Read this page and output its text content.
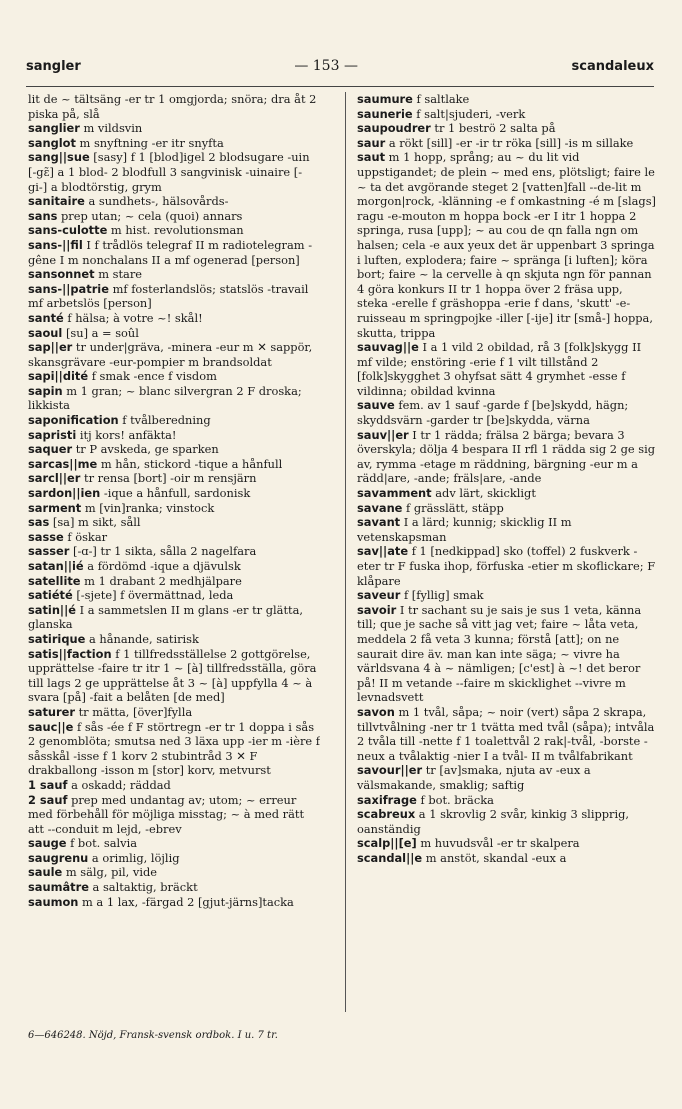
sangler	— 153 —	scandaleux
lit de ~ tältsäng -er tr 1 omgjorda; snöra; dra åt 2 piska på, slå
sanglier m vildsvin
sanglot m snyftning -er itr snyfta
sang||sue [sasy] f 1 [blod]igel 2 blodsugare -uin [-gɛ̃] a 1 blod- 2 blodfull 3 sangvinisk -uinaire [-gi-] a blodtörstig, grym
sanitaire a sundhets-, hälsovårds-
sans prep utan; ~ cela (quoi) annars
sans-culotte m hist. revolutionsman
sans-||fil I f trådlös telegraf II m radiotelegram -gêne I m nonchalans II a mf ogenerad [person]
sansonnet m stare
sans-||patrie mf fosterlandslös; statslös -travail mf arbetslös [person]
santé f hälsa; à votre ~! skål!
saoul [su] a = soûl
sap||er tr under|gräva, -minera -eur m ✕ sappör, skansgrävare -eur-pompier m brandsoldat
sapi||dité f smak -ence f visdom
sapin m 1 gran; ~ blanc silvergran 2 F droska; likkista
saponification f tvålberedning
sapristi itj kors! anfäkta!
saquer tr P avskeda, ge sparken
sarcas||me m hån, stickord -tique a hånfull
sarcl||er tr rensa [bort] -oir m rensjärn
sardon||ien -ique a hånfull, sardonisk
sarment m [vin]ranka; vinstock
sas [sa] m sikt, såll
sasse f öskar
sasser [-ɑ-] tr 1 sikta, sålla 2 nagelfara
satan||ié a fördömd -ique a djävulsk
satellite m 1 drabant 2 medhjälpare
satiété [-sjete] f övermättnad, leda
satin||é I a sammetslen II m glans -er tr glätta, glanska
satirique a hånande, satirisk
satis||faction f 1 tillfredsställelse 2 gottgörelse, upprättelse -faire tr itr 1 ~ [à] tillfredsställa, göra till lags 2 ge upprättelse åt 3 ~ [à] uppfylla 4 ~ à svara [på] -fait a belåten [de med]
saturer tr mätta, [över]fylla
sauc||e f sås -ée f F störtregn -er tr 1 doppa i sås 2 genomblöta; smutsa ned 3 läxa upp -ier m -ière f såsskål -isse f 1 korv 2 stubintråd 3 ✕ F drakballong -isson m [stor] korv, metvurst
1 sauf a oskadd; räddad
2 sauf prep med undantag av; utom; ~ erreur med förbehåll för möjliga misstag; ~ à med rätt att --conduit m lejd, -ebrev
sauge f bot. salvia
saugrenu a orimlig, löjlig
saule m sälg, pil, vide
saumâtre a saltaktig, bräckt
saumon m a 1 lax, -färgad 2 [gjut-järns]tacka
saumure f saltlake
saunerie f salt|sjuderi, -verk
saupoudrer tr 1 beströ 2 salta på
saur a rökt [sill] -er -ir tr röka [sill] -is m sillake
saut m 1 hopp, språng; au ~ du lit vid uppstigandet; de plein ~ med ens, plötsligt; faire le ~ ta det avgörande steget 2 [vatten]fall --de-lit m morgon|rock, -klänning -e f omkastning -é m [slags] ragu -e-mouton m hoppa bock -er I itr 1 hoppa 2 springa, rusa [upp]; ~ au cou de qn falla ngn om halsen; cela -e aux yeux det är uppenbart 3 springa i luften, explodera; faire ~ spränga [i luften]; köra bort; faire ~ la cervelle à qn skjuta ngn för pannan 4 göra konkurs II tr 1 hoppa över 2 fräsa upp, steka -erelle f gräshoppa -erie f dans, 'skutt' -e-ruisseau m springpojke -iller [-ije] itr [små-] hoppa, skutta, trippa
sauvag||e I a 1 vild 2 obildad, rå 3 [folk]skygg II mf vilde; enstöring -erie f 1 vilt tillstånd 2 [folk]skygghet 3 ohyfsat sätt 4 grymhet -esse f vildinna; obildad kvinna
sauve fem. av 1 sauf -garde f [be]skydd, hägn; skyddsvärn -garder tr [be]skydda, värna
sauv||er I tr 1 rädda; frälsa 2 bärga; bevara 3 överskyla; dölja 4 bespara II rfl 1 rädda sig 2 ge sig av, rymma -etage m räddning, bärgning -eur m a rädd|are, -ande; fräls|are, -ande
savamment adv lärt, skickligt
savane f grässlätt, stäpp
savant I a lärd; kunnig; skicklig II m vetenskapsman
sav||ate f 1 [nedkippad] sko (toffel) 2 fuskverk -eter tr F fuska ihop, förfuska -etier m skoflickare; F klåpare
saveur f [fyllig] smak
savoir I tr sachant su je sais je sus 1 veta, känna till; que je sache så vitt jag vet; faire ~ låta veta, meddela 2 få veta 3 kunna; förstå [att]; on ne saurait dire äv. man kan inte säga; ~ vivre ha världsvana 4 à ~ nämligen; [c'est] à ~! det beror på! II m vetande --faire m skicklighet --vivre m levnadsvett
savon m 1 tvål, såpa; ~ noir (vert) såpa 2 skrapa, tillvtvålning -ner tr 1 tvätta med tvål (såpa); intvåla 2 tvåla till -nette f 1 toalettvål 2 rak|-tvål, -borste -neux a tvålaktig -nier I a tvål- II m tvålfabrikant
savour||er tr [av]smaka, njuta av -eux a välsmakande, smaklig; saftig
saxifrage f bot. bräcka
scabreux a 1 skrovlig 2 svår, kinkig 3 slipprig, oanständig
scalp||[e] m huvudsvål -er tr skalpera
scandal||e m anstöt, skandal -eux a
6—646248. Nöjd, Fransk-svensk ordbok. I u. 7 tr.
